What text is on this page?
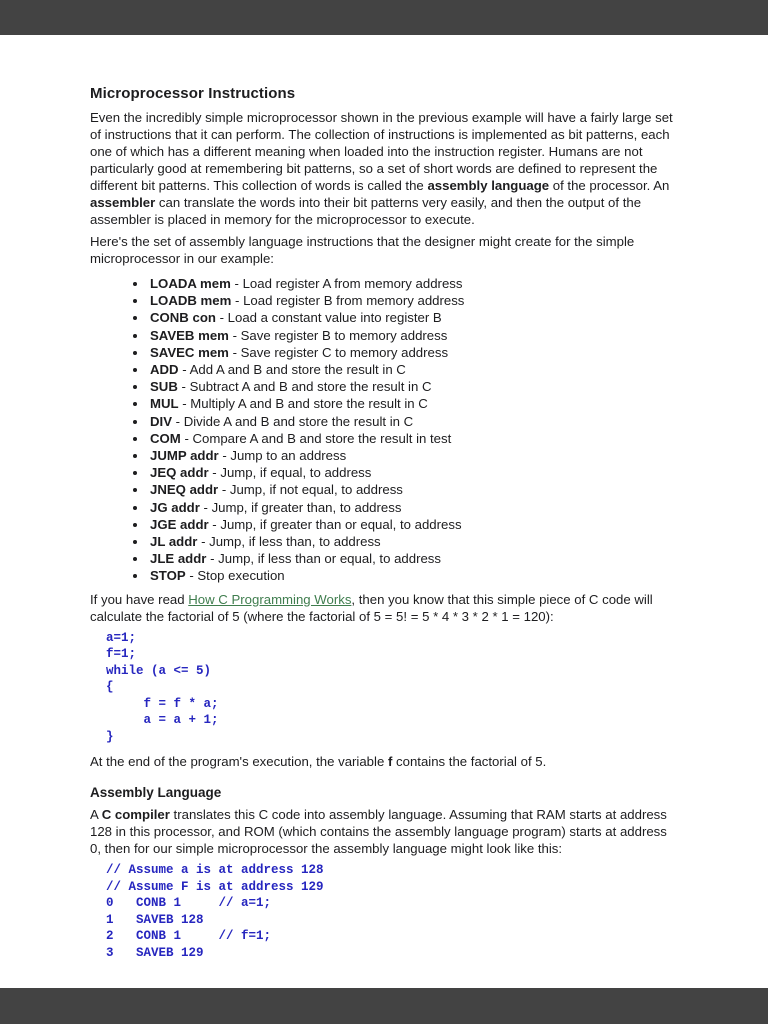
Microprocessor Instructions

Even the incredibly simple microprocessor shown in the previous example will have a fairly large set of instructions that it can perform. The collection of instructions is implemented as bit patterns, each one of which has a different meaning when loaded into the instruction register. Humans are not particularly good at remembering bit patterns, so a set of short words are defined to represent the different bit patterns. This collection of words is called the assembly language of the processor. An assembler can translate the words into their bit patterns very easily, and then the output of the assembler is placed in memory for the microprocessor to execute.

Here's the set of assembly language instructions that the designer might create for the simple microprocessor in our example:

• LOADA mem - Load register A from memory address
• LOADB mem - Load register B from memory address
• CONB con - Load a constant value into register B
• SAVEB mem - Save register B to memory address
• SAVEC mem - Save register C to memory address
• ADD - Add A and B and store the result in C
• SUB - Subtract A and B and store the result in C
• MUL - Multiply A and B and store the result in C
• DIV - Divide A and B and store the result in C
• COM - Compare A and B and store the result in test
• JUMP addr - Jump to an address
• JEQ addr - Jump, if equal, to address
• JNEQ addr - Jump, if not equal, to address
• JG addr - Jump, if greater than, to address
• JGE addr - Jump, if greater than or equal, to address
• JL addr - Jump, if less than, to address
• JLE addr - Jump, if less than or equal, to address
• STOP - Stop execution

If you have read How C Programming Works, then you know that this simple piece of C code will calculate the factorial of 5 (where the factorial of 5 = 5! = 5 * 4 * 3 * 2 * 1 = 120):

a=1;
f=1;
while (a <= 5)
{
f = f * a;
a = a + 1;
}

At the end of the program's execution, the variable f contains the factorial of 5.

Assembly Language

A C compiler translates this C code into assembly language. Assuming that RAM starts at address 128 in this processor, and ROM (which contains the assembly language program) starts at address 0, then for our simple microprocessor the assembly language might look like this:

// Assume a is at address 128
// Assume F is at address 129
0   CONB 1     // a=1;
1   SAVEB 128
2   CONB 1     // f=1;
3   SAVEB 129
